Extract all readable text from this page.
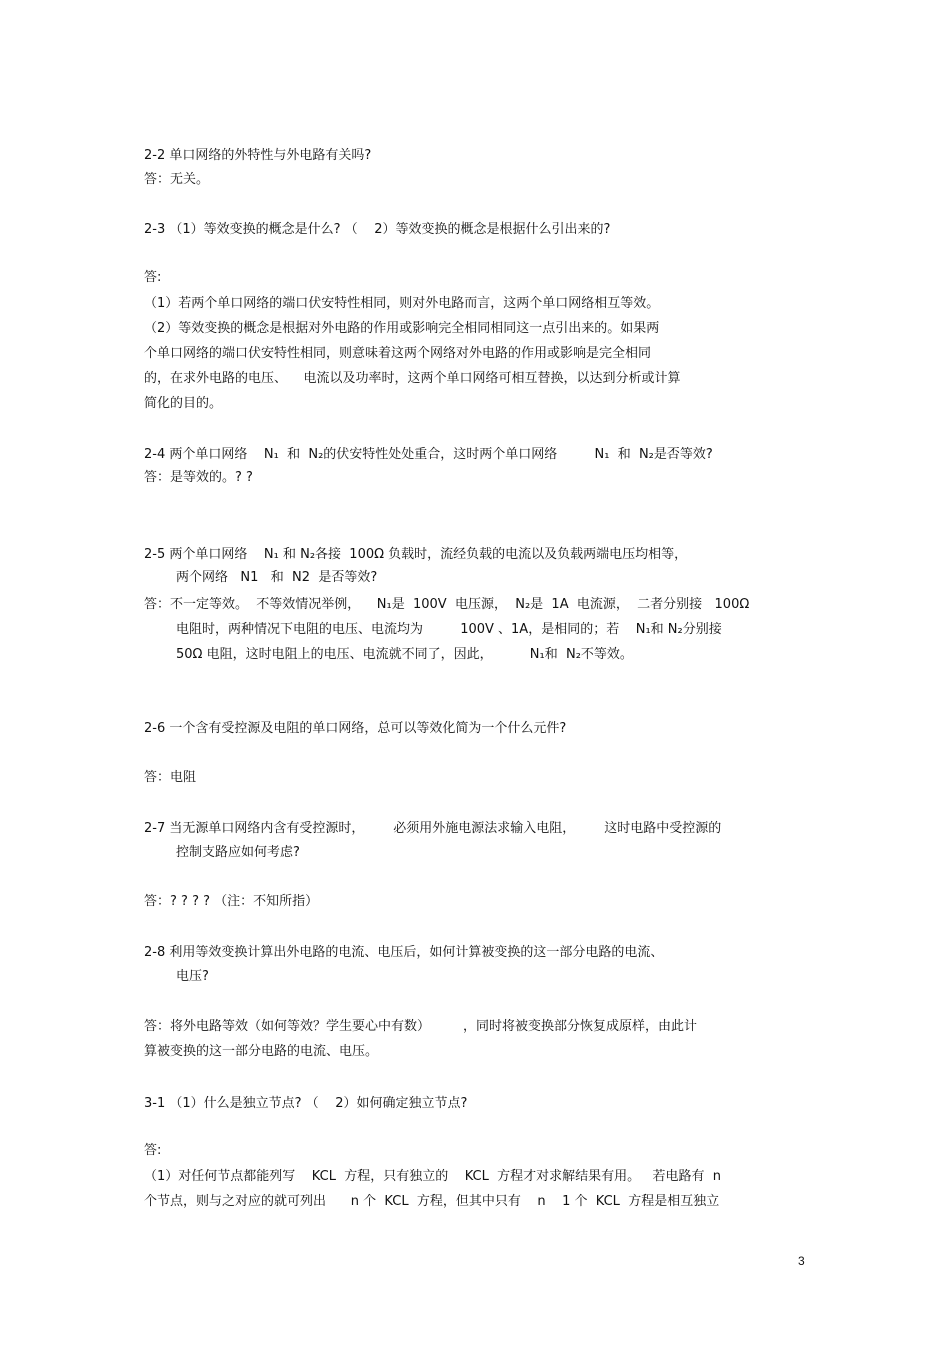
2-2 单口网络的外特性与外电路有关吗?
答：无关。
2-3 （1）等效变换的概念是什么? （    2）等效变换的概念是根据什么引出来的?
答:
（1）若两个单口网络的端口伏安特性相同，则对外电路而言，这两个单口网络相互等效。
（2）等效变换的概念是根据对外电路的作用或影响完全相同相同这一点引出来的。如果两
个单口网络的端口伏安特性相同，则意味着这两个网络对外电路的作用或影响是完全相同
的，在求外电路的电压、    电流以及功率时，这两个单口网络可相互替换，以达到分析或计算
简化的目的。
2-4 两个单口网络    N₁  和  N₂的伏安特性处处重合，这时两个单口网络         N₁  和  N₂是否等效?
答：是等效的。? ?
2-5 两个单口网络    N₁ 和 N₂各接  100Ω 负载时，流经负载的电流以及负载两端电压均相等，
两个网络   N1   和  N2  是否等效?
答：不一定等效。  不等效情况举例，    N₁是  100V  电压源，  N₂是  1A  电流源，  二者分别接   100Ω
电阻时，两种情况下电阻的电压、电流均为         100V 、1A，是相同的；若    N₁和 N₂分别接
50Ω 电阻，这时电阻上的电压、电流就不同了，因此，         N₁和  N₂不等效。
2-6 一个含有受控源及电阻的单口网络，总可以等效化简为一个什么元件?
答：电阻
2-7 当无源单口网络内含有受控源时，       必须用外施电源法求输入电阻，       这时电路中受控源的
控制支路应如何考虑?
答：? ? ? ? （注：不知所指）
2-8 利用等效变换计算出外电路的电流、电压后，如何计算被变换的这一部分电路的电流、
电压?
答：将外电路等效（如何等效？学生要心中有数）        ，同时将被变换部分恢复成原样，由此计
算被变换的这一部分电路的电流、电压。
3-1 （1）什么是独立节点? （    2）如何确定独立节点?
答:
（1）对任何节点都能列写    KCL  方程，只有独立的    KCL  方程才对求解结果有用。   若电路有  n
个节点，则与之对应的就可列出      n 个  KCL  方程，但其中只有    n    1 个  KCL  方程是相互独立
3
